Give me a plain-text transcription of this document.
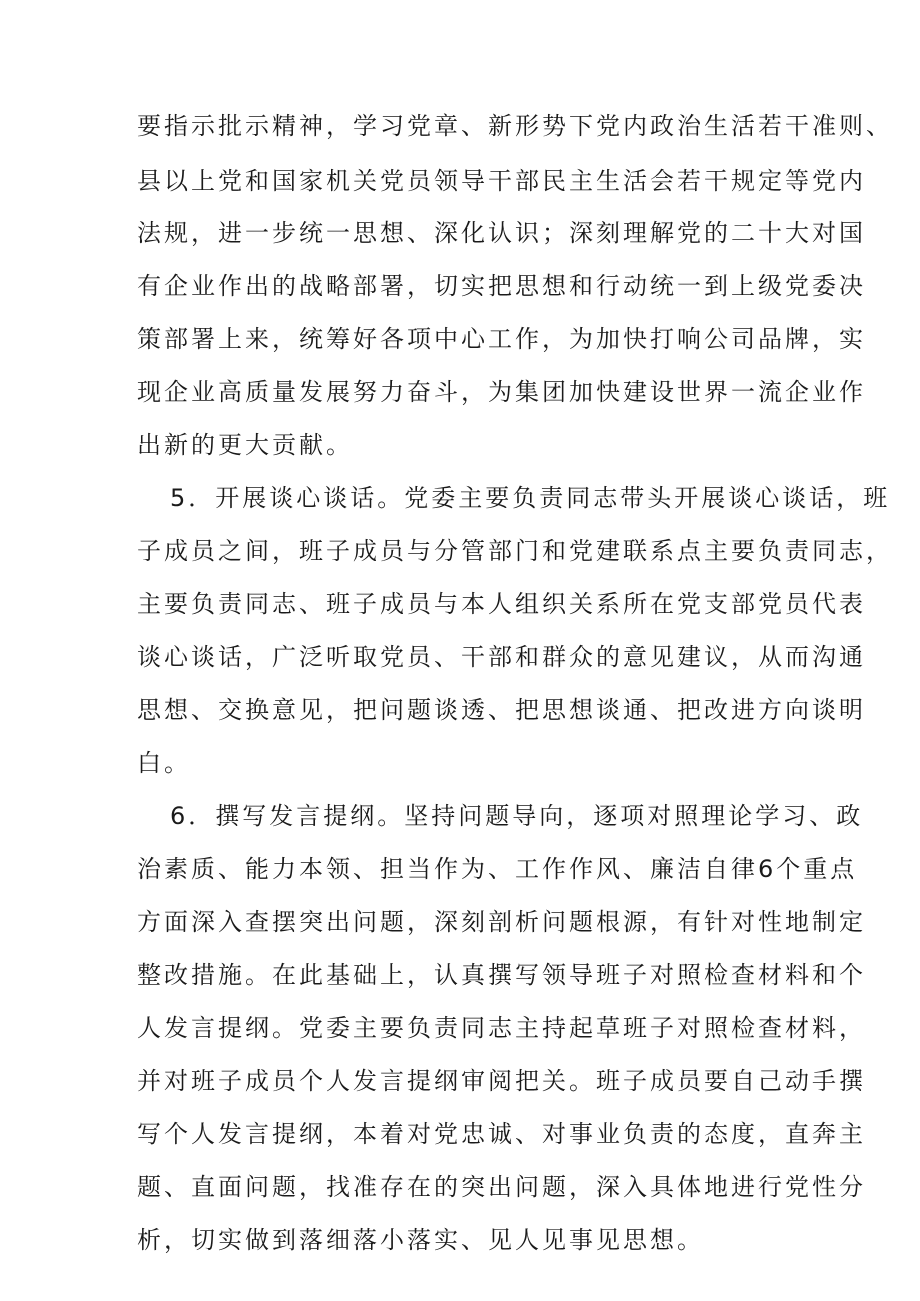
要指示批示精神，学习党章、新形势下党内政治生活若干准则、
县以上党和国家机关党员领导干部民主生活会若干规定等党内
法规，进一步统一思想、深化认识；深刻理解党的二十大对国
有企业作出的战略部署，切实把思想和行动统一到上级党委决
策部署上来，统筹好各项中心工作，为加快打响公司品牌，实
现企业高质量发展努力奋斗，为集团加快建设世界一流企业作
出新的更大贡献。
5．开展谈心谈话。党委主要负责同志带头开展谈心谈话，班
子成员之间，班子成员与分管部门和党建联系点主要负责同志，
主要负责同志、班子成员与本人组织关系所在党支部党员代表
谈心谈话，广泛听取党员、干部和群众的意见建议，从而沟通
思想、交换意见，把问题谈透、把思想谈通、把改进方向谈明
白。
6．撰写发言提纲。坚持问题导向，逐项对照理论学习、政
治素质、能力本领、担当作为、工作作风、廉洁自律6个重点
方面深入查摆突出问题，深刻剖析问题根源，有针对性地制定
整改措施。在此基础上，认真撰写领导班子对照检查材料和个
人发言提纲。党委主要负责同志主持起草班子对照检查材料，
并对班子成员个人发言提纲审阅把关。班子成员要自己动手撰
写个人发言提纲，本着对党忠诚、对事业负责的态度，直奔主
题、直面问题，找准存在的突出问题，深入具体地进行党性分
析，切实做到落细落小落实、见人见事见思想。
